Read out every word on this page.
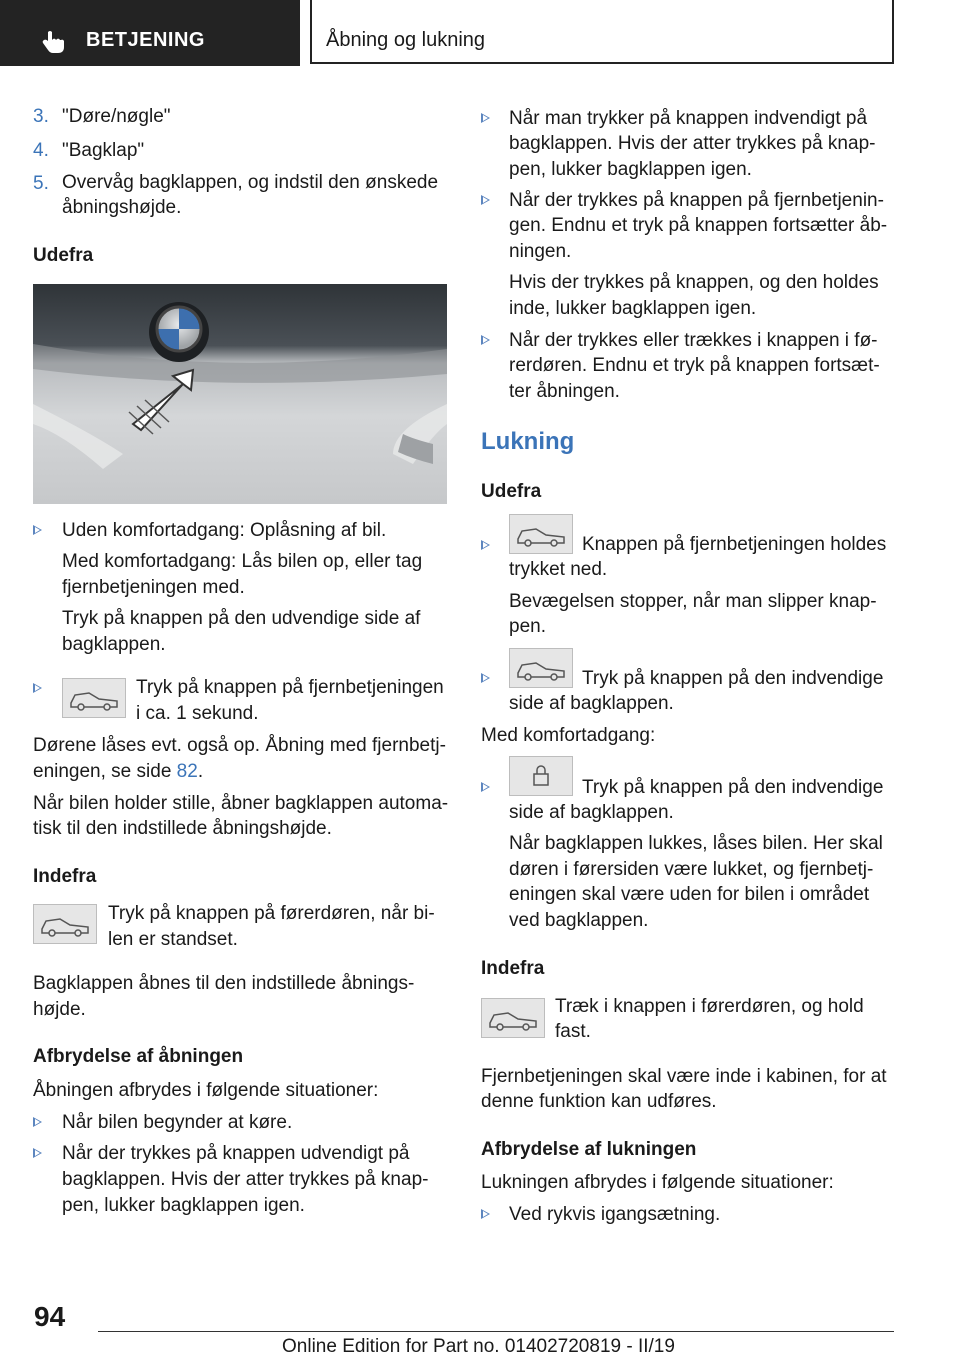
BETJENING	Åbning og lukning
3. "Døre/nøgle"
4. "Bagklap"
5. Overvåg bagklappen, og indstil den ønskede
åbningshøjde.
Udefra
Uden komfortadgang: Oplåsning af bil.
Med komfortadgang: Lås bilen op, eller tag
fjernbetjeningen med.
Tryk på knappen på den udvendige side af
bagklappen.
Tryk på knappen på fjernbetjeningen
i ca. 1 sekund.
Dørene låses evt. også op. Åbning med fjernbetj-
eningen, se side 82.
Når bilen holder stille, åbner bagklappen automa-
tisk til den indstillede åbningshøjde.
Indefra
Tryk på knappen på førerdøren, når bi-
len er standset.
Bagklappen åbnes til den indstillede åbnings-
højde.
Afbrydelse af åbningen
Åbningen afbrydes i følgende situationer:
Når bilen begynder at køre.
Når der trykkes på knappen udvendigt på
bagklappen. Hvis der atter trykkes på knap-
pen, lukker bagklappen igen.
Når man trykker på knappen indvendigt på
bagklappen. Hvis der atter trykkes på knap-
pen, lukker bagklappen igen.
Når der trykkes på knappen på fjernbetjenin-
gen. Endnu et tryk på knappen fortsætter åb-
ningen.
Hvis der trykkes på knappen, og den holdes
inde, lukker bagklappen igen.
Når der trykkes eller trækkes i knappen i fø-
rerdøren. Endnu et tryk på knappen fortsæt-
ter åbningen.
Lukning
Udefra
Knappen på fjernbetjeningen holdes
trykket ned.
Bevægelsen stopper, når man slipper knap-
pen.
Tryk på knappen på den indvendige
side af bagklappen.
Med komfortadgang:
Tryk på knappen på den indvendige
side af bagklappen.
Når bagklappen lukkes, låses bilen. Her skal
døren i førersiden være lukket, og fjernbetj-
eningen skal være uden for bilen i området
ved bagklappen.
Indefra
Træk i knappen i førerdøren, og hold
fast.
Fjernbetjeningen skal være inde i kabinen, for at
denne funktion kan udføres.
Afbrydelse af lukningen
Lukningen afbrydes i følgende situationer:
Ved rykvis igangsætning.
94
Online Edition for Part no. 01402720819 - II/19
